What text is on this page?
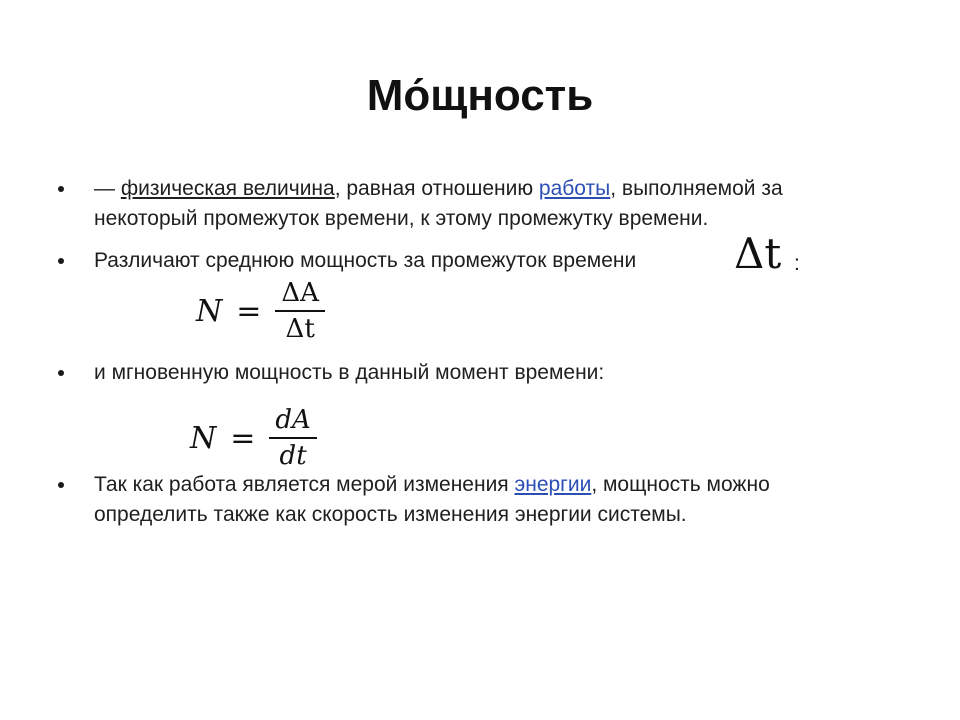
Мо́щность
— физическая величина, равная отношению работы, выполняемой за
некоторый промежуток времени, к этому промежутку времени.
Различают среднюю мощность за промежуток времени	Δt :
$N = \frac{\Delta A}{\Delta t}$
и мгновенную мощность в данный момент времени:
$N = \frac{dA}{dt}$
Так как работа является мерой изменения энергии, мощность можно
определить также как скорость изменения энергии системы.
